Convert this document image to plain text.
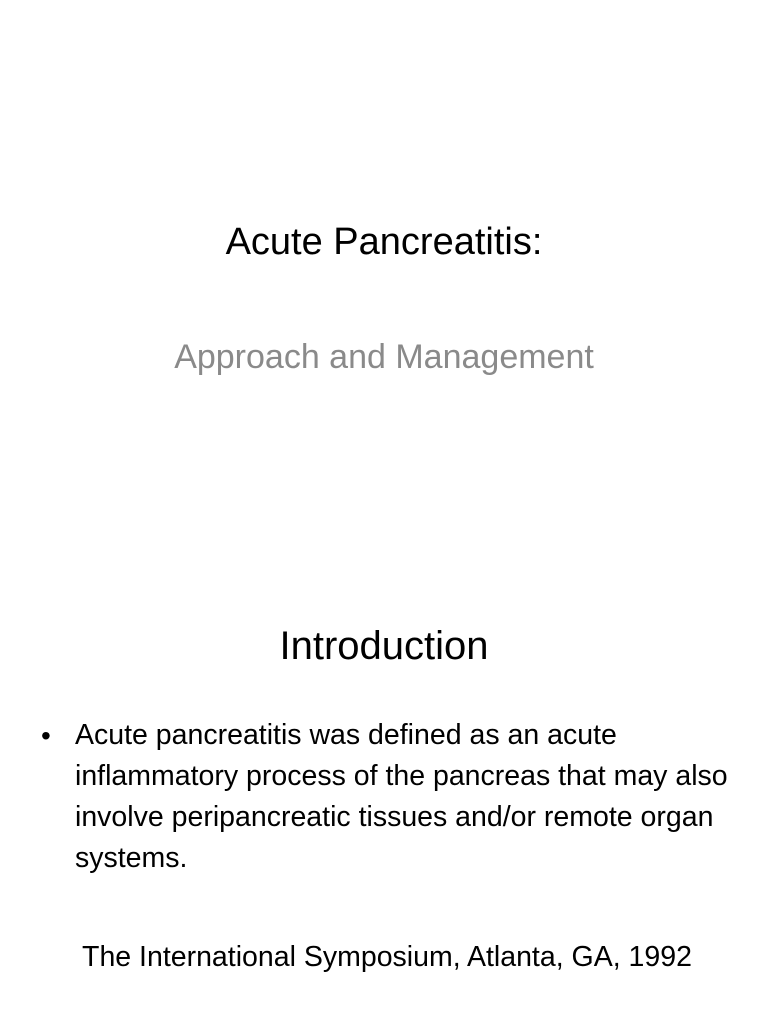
Acute Pancreatitis:
Approach and Management
Introduction
• Acute pancreatitis was defined as an acute inflammatory process of the pancreas that may also involve peripancreatic tissues and/or remote organ systems.
The International Symposium, Atlanta, GA, 1992
